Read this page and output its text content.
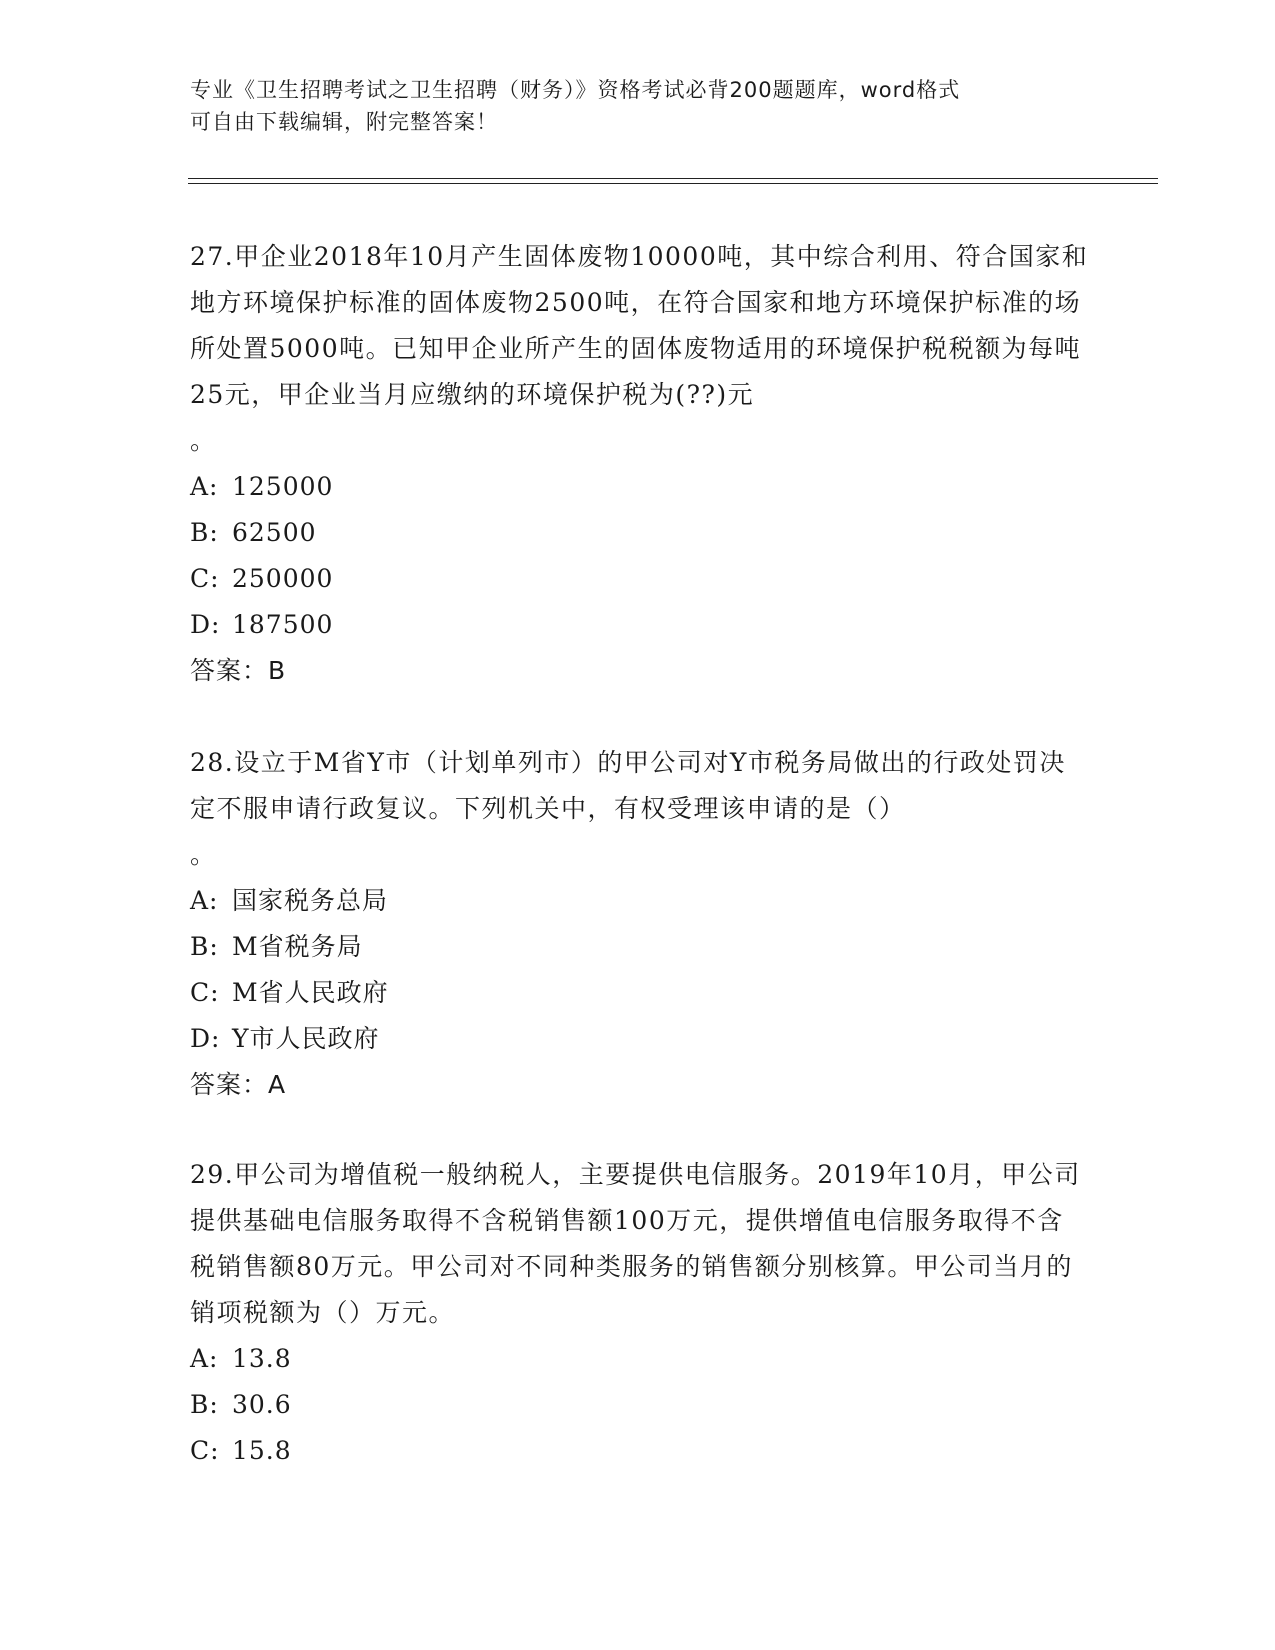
专业《卫生招聘考试之卫生招聘（财务）》资格考试必背200题题库，word格式
可自由下载编辑，附完整答案！
27.甲企业2018年10月产生固体废物10000吨，其中综合利用、符合国家和地方环境保护标准的固体废物2500吨，在符合国家和地方环境保护标准的场所处置5000吨。已知甲企业所产生的固体废物适用的环境保护税税额为每吨25元，甲企业当月应缴纳的环境保护税为(??)元
。
A: 125000
B: 62500
C: 250000
D: 187500
答案：B
28.设立于M省Y市（计划单列市）的甲公司对Y市税务局做出的行政处罚决定不服申请行政复议。下列机关中，有权受理该申请的是（）
。
A: 国家税务总局
B: M省税务局
C: M省人民政府
D: Y市人民政府
答案：A
29.甲公司为增值税一般纳税人，主要提供电信服务。2019年10月，甲公司提供基础电信服务取得不含税销售额100万元，提供增值电信服务取得不含税销售额80万元。甲公司对不同种类服务的销售额分别核算。甲公司当月的销项税额为（）万元。
A: 13.8
B: 30.6
C: 15.8
